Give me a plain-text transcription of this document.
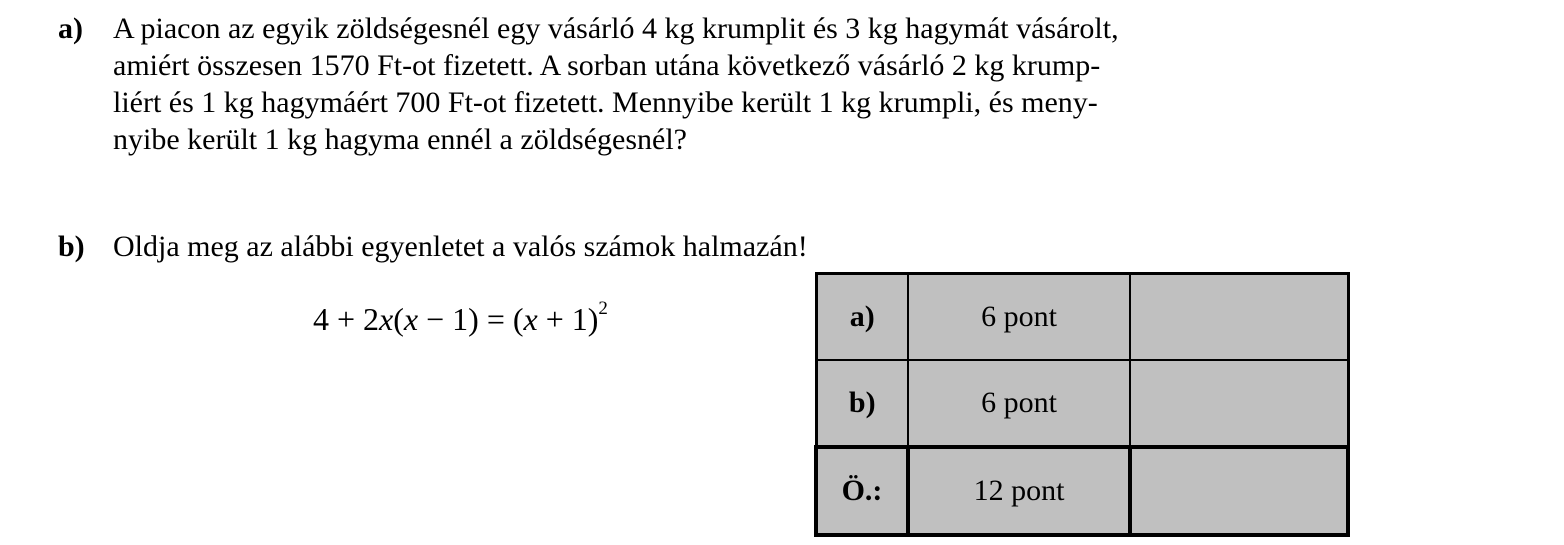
a) A piacon az egyik zöldségesnél egy vásárló 4 kg krumplit és 3 kg hagymát vásárolt,
amiért összesen 1570 Ft-ot fizetett. A sorban utána következő vásárló 2 kg krump-
liért és 1 kg hagymáért 700 Ft-ot fizetett. Mennyibe került 1 kg krumpli, és meny-
nyibe került 1 kg hagyma ennél a zöldségesnél?
b) Oldja meg az alábbi egyenletet a valós számok halmazán!
$4 + 2x(x - 1) = (x + 1)^2$	a)	6 pont	
b)	6 pont	
Ö.:	12 pont	
